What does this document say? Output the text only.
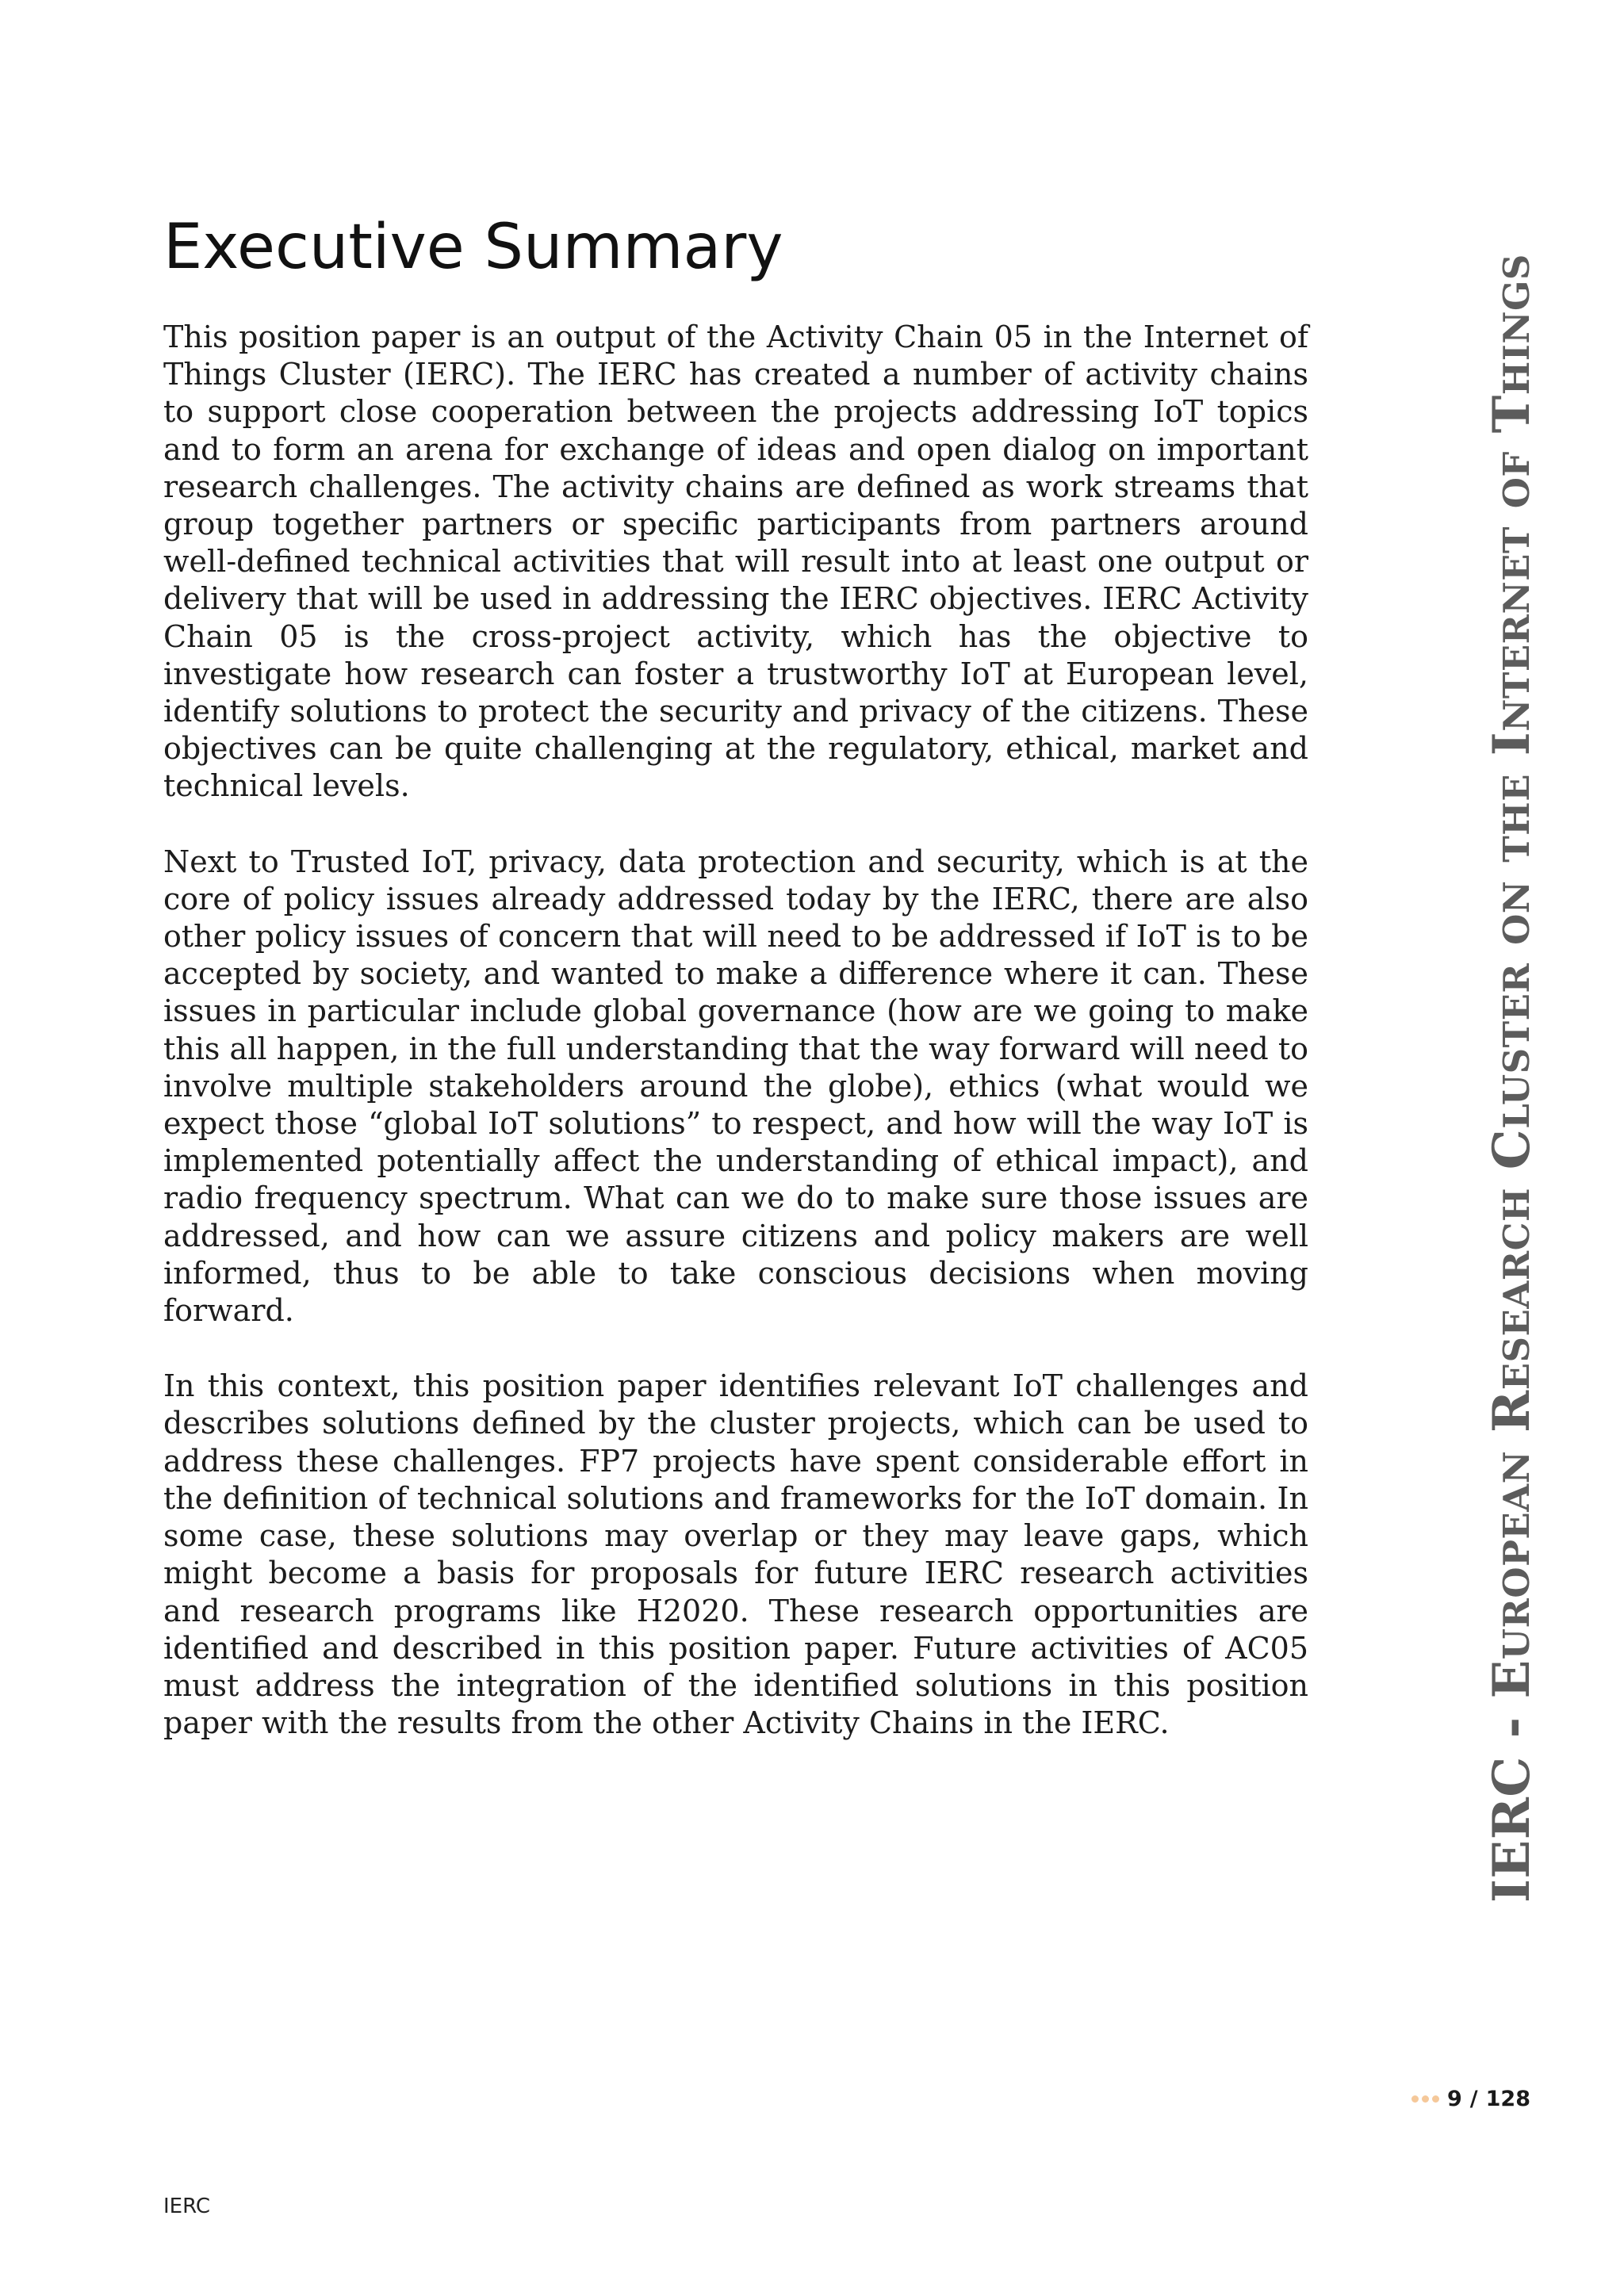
Executive Summary

This position paper is an output of the Activity Chain 05 in the Internet of Things Cluster (IERC). The IERC has created a number of activity chains to support close cooperation between the projects addressing IoT topics and to form an arena for exchange of ideas and open dialog on important research challenges. The activity chains are defined as work streams that group together partners or specific participants from partners around well-defined technical activities that will result into at least one output or delivery that will be used in addressing the IERC objectives. IERC Activity Chain 05 is the cross-project activity, which has the objective to investigate how research can foster a trustworthy IoT at European level, identify solutions to protect the security and privacy of the citizens. These objectives can be quite challenging at the regulatory, ethical, market and technical levels.

Next to Trusted IoT, privacy, data protection and security, which is at the core of policy issues already addressed today by the IERC, there are also other policy issues of concern that will need to be addressed if IoT is to be accepted by society, and wanted to make a difference where it can. These issues in particular include global governance (how are we going to make this all happen, in the full understanding that the way forward will need to involve multiple stakeholders around the globe), ethics (what would we expect those “global IoT solutions” to respect, and how will the way IoT is implemented potentially affect the understanding of ethical impact), and radio frequency spectrum. What can we do to make sure those issues are addressed, and how can we assure citizens and policy makers are well informed, thus to be able to take conscious decisions when moving forward.

In this context, this position paper identifies relevant IoT challenges and describes solutions defined by the cluster projects, which can be used to address these challenges. FP7 projects have spent considerable effort in the definition of technical solutions and frameworks for the IoT domain. In some case, these solutions may overlap or they may leave gaps, which might become a basis for proposals for future IERC research activities and research programs like H2020. These research opportunities are identified and described in this position paper. Future activities of AC05 must address the integration of the identified solutions in this position paper with the results from the other Activity Chains in the IERC.	IERC - European Research Cluster on the Internet of Things
9 / 128
IERC
